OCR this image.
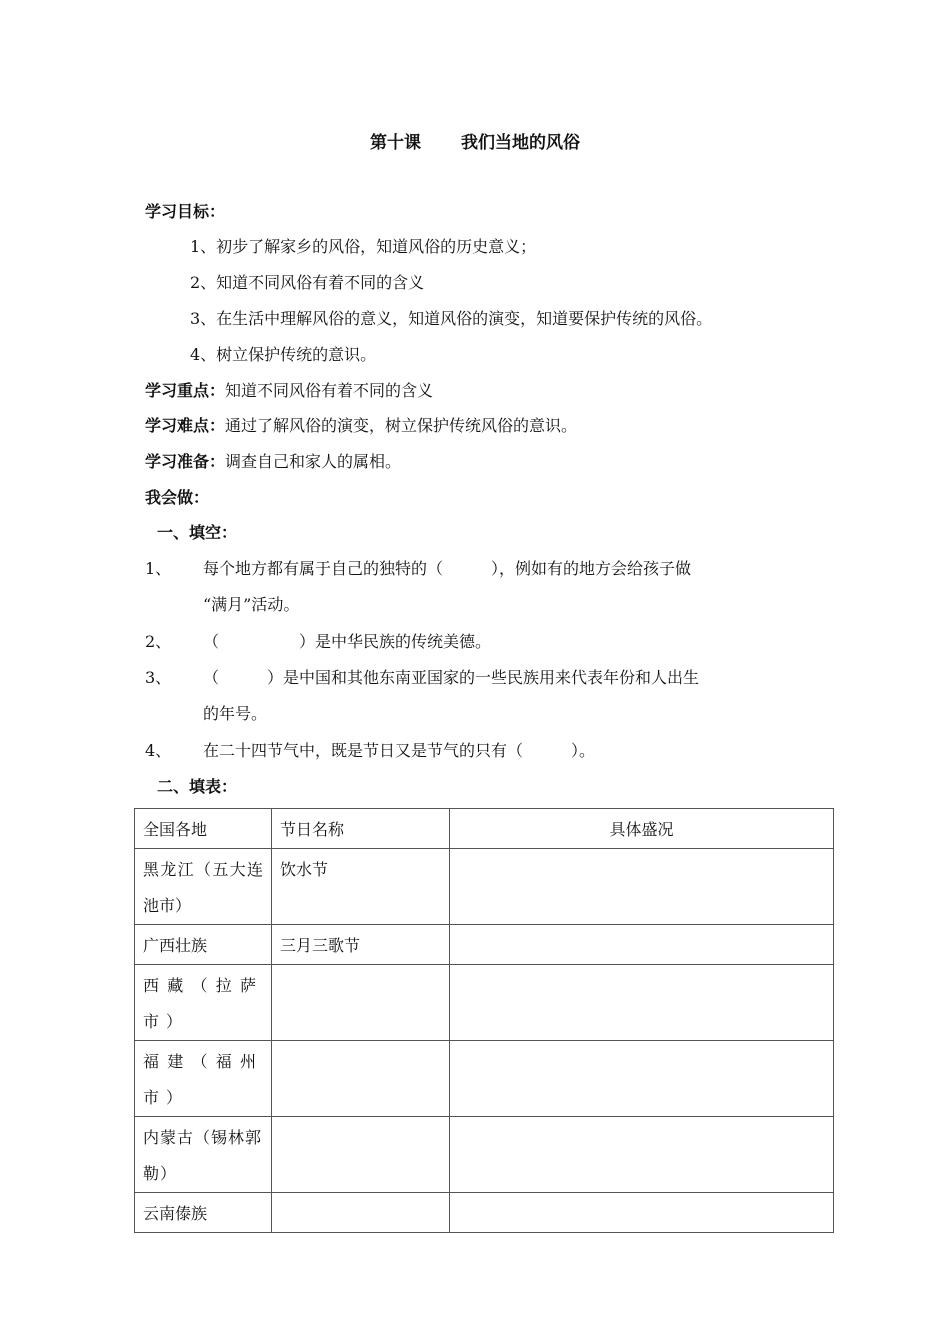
第十课 我们当地的风俗
学习目标：
1、初步了解家乡的风俗，知道风俗的历史意义；
2、知道不同风俗有着不同的含义
3、在生活中理解风俗的意义，知道风俗的演变，知道要保护传统的风俗。
4、树立保护传统的意识。
学习重点：知道不同风俗有着不同的含义
学习难点：通过了解风俗的演变，树立保护传统风俗的意识。
学习准备：调查自己和家人的属相。
我会做：
一、填空：
1、 每个地方都有属于自己的独特的（　　　），例如有的地方会给孩子做
“满月”活动。
2、 （　　　　　）是中华民族的传统美德。
3、 （　　　）是中国和其他东南亚国家的一些民族用来代表年份和人出生
的年号。
4、 在二十四节气中，既是节日又是节气的只有（　　　）。
二、填表：
全国各地	节日名称	具体盛况
黑龙江（五大连池市）	饮水节	
广西壮族	三月三歌节	
西藏（拉萨市）		
福建（福州市）		
内蒙古（锡林郭勒）		
云南傣族		
